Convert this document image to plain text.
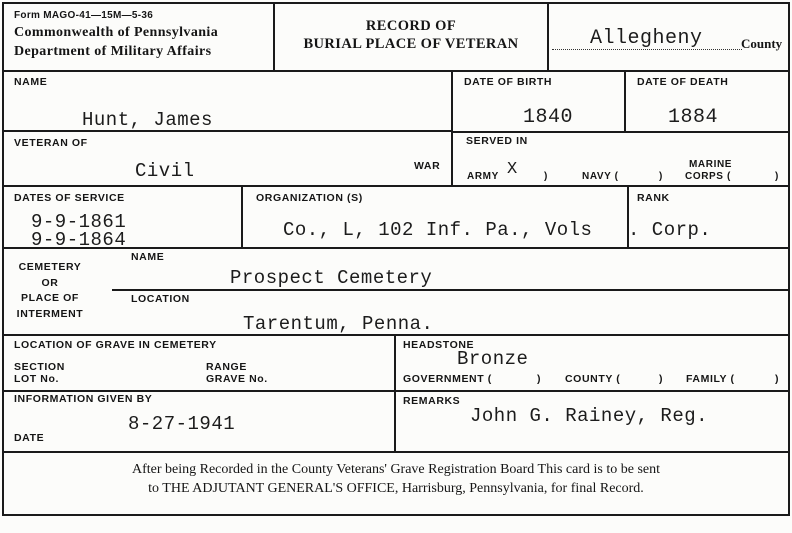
Form MAGO-41—15M—5-36
Commonwealth of Pennsylvania
Department of Military Affairs
RECORD OF
BURIAL PLACE OF VETERAN	Allegheny	County
NAME
Hunt, James
DATE OF BIRTH
1840
DATE OF DEATH
1884
VETERAN OF
Civil	WAR
SERVED IN
ARMY X	)	NAVY (	)
MARINE
CORPS (	)
DATES OF SERVICE
9-9-1861
9-9-1864
ORGANIZATION (S)
Co., L, 102 Inf. Pa., Vols
RANK
. Corp.
CEMETERY
OR
PLACE OF
INTERMENT
NAME
Prospect Cemetery
LOCATION
Tarentum, Penna.
LOCATION OF GRAVE IN CEMETERY
SECTION
LOT No.
RANGE
GRAVE No.
HEADSTONE
Bronze
GOVERNMENT (	) COUNTY (	) FAMILY (	)
INFORMATION GIVEN BY
8-27-1941
DATE
REMARKS
John G. Rainey, Reg.
After being Recorded in the County Veterans' Grave Registration Board This card is to be sent
to THE ADJUTANT GENERAL'S OFFICE, Harrisburg, Pennsylvania, for final Record.
